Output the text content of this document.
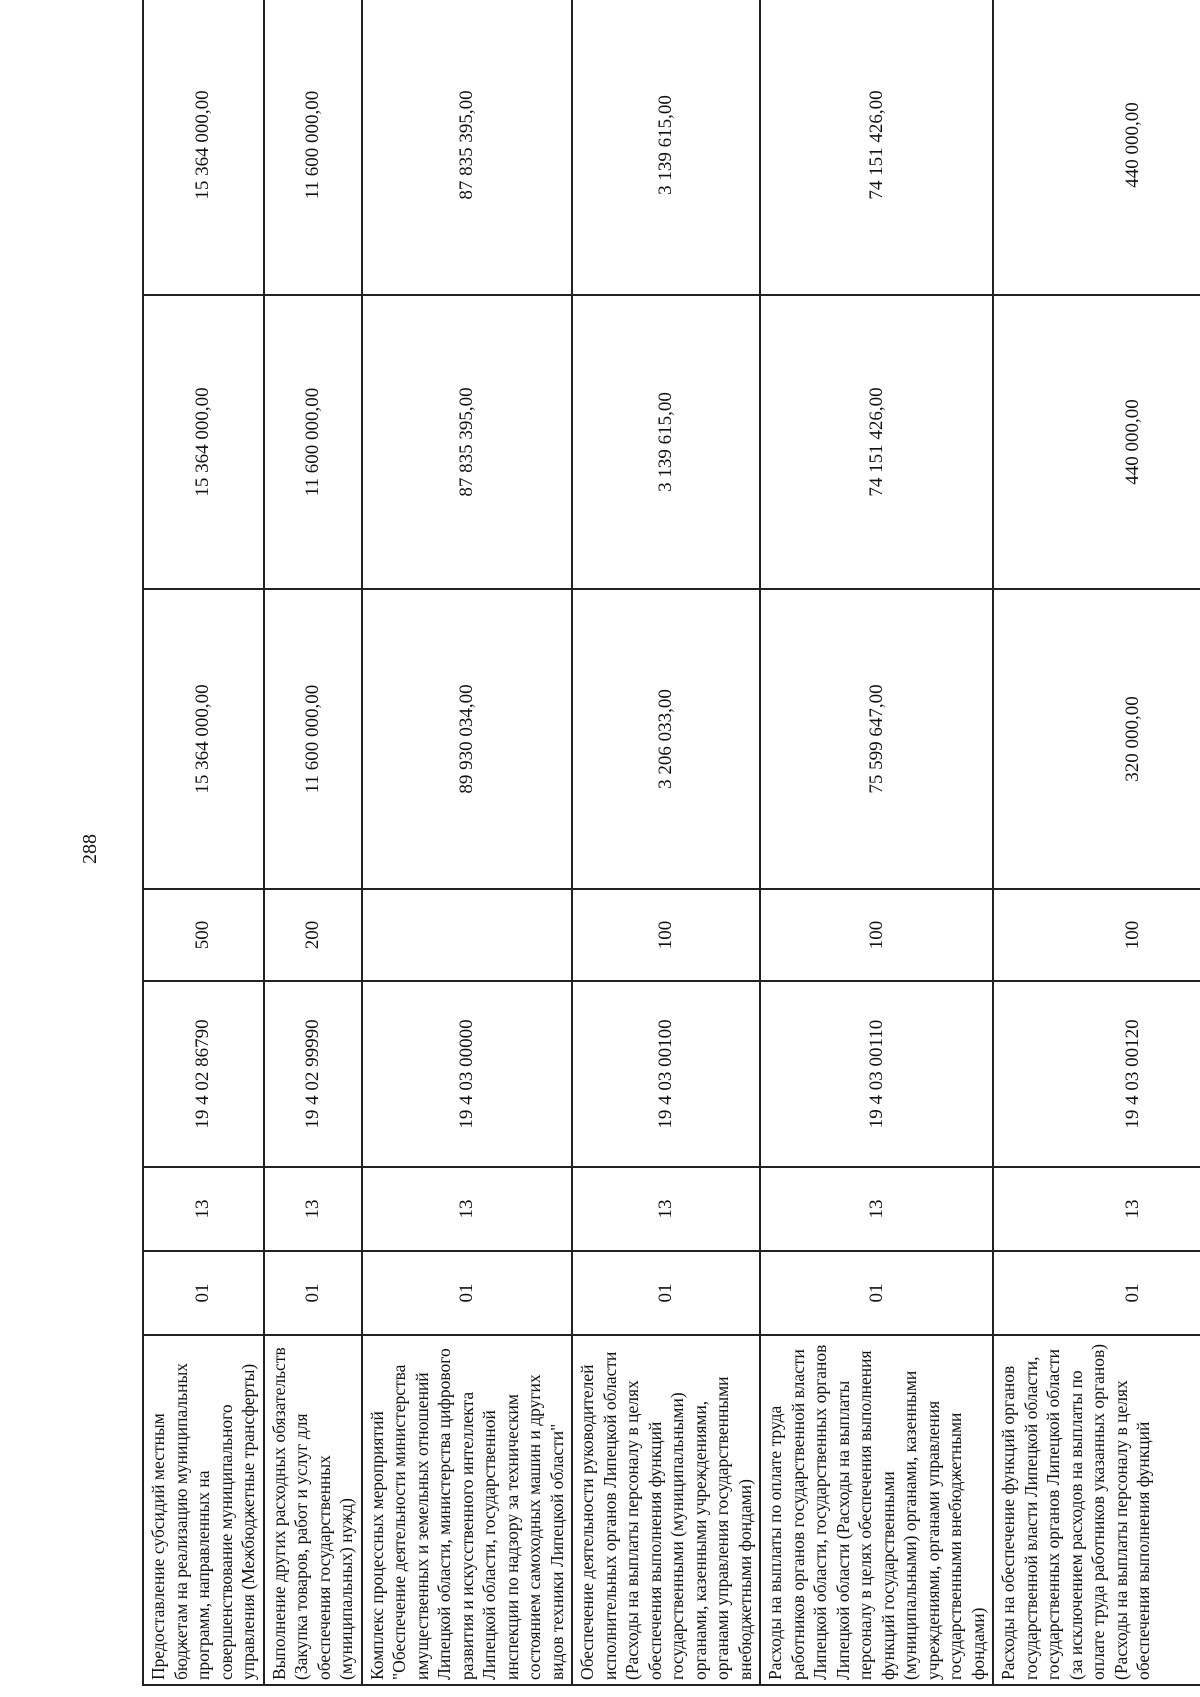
288
Предоставление субсидий местным бюджетам на реализацию муниципальных программ, направленных на совершенствование муниципального управления (Межбюджетные трансферты)	01	13	19 4 02 86790	500	15 364 000,00	15 364 000,00	15 364 000,00
Выполнение других расходных обязательств (Закупка товаров, работ и услуг для обеспечения государственных (муниципальных) нужд)	01	13	19 4 02 99990	200	11 600 000,00	11 600 000,00	11 600 000,00
Комплекс процессных мероприятий "Обеспечение деятельности министерства имущественных и земельных отношений Липецкой области, министерства цифрового развития и искусственного интеллекта Липецкой области, государственной инспекции по надзору за техническим состоянием самоходных машин и других видов техники Липецкой области"	01	13	19 4 03 00000		89 930 034,00	87 835 395,00	87 835 395,00
Обеспечение деятельности руководителей исполнительных органов Липецкой области (Расходы на выплаты персоналу в целях обеспечения выполнения функций государственными (муниципальными) органами, казенными учреждениями, органами управления государственными внебюджетными фондами)	01	13	19 4 03 00100	100	3 206 033,00	3 139 615,00	3 139 615,00
Расходы на выплаты по оплате труда работников органов государственной власти Липецкой области, государственных органов Липецкой области (Расходы на выплаты персоналу в целях обеспечения выполнения функций государственными (муниципальными) органами, казенными учреждениями, органами управления государственными внебюджетными фондами)	01	13	19 4 03 00110	100	75 599 647,00	74 151 426,00	74 151 426,00
Расходы на обеспечение функций органов государственной власти Липецкой области, государственных органов Липецкой области (за исключением расходов на выплаты по оплате труда работников указанных органов) (Расходы на выплаты персоналу в целях обеспечения выполнения функций	01	13	19 4 03 00120	100	320 000,00	440 000,00	440 000,00
